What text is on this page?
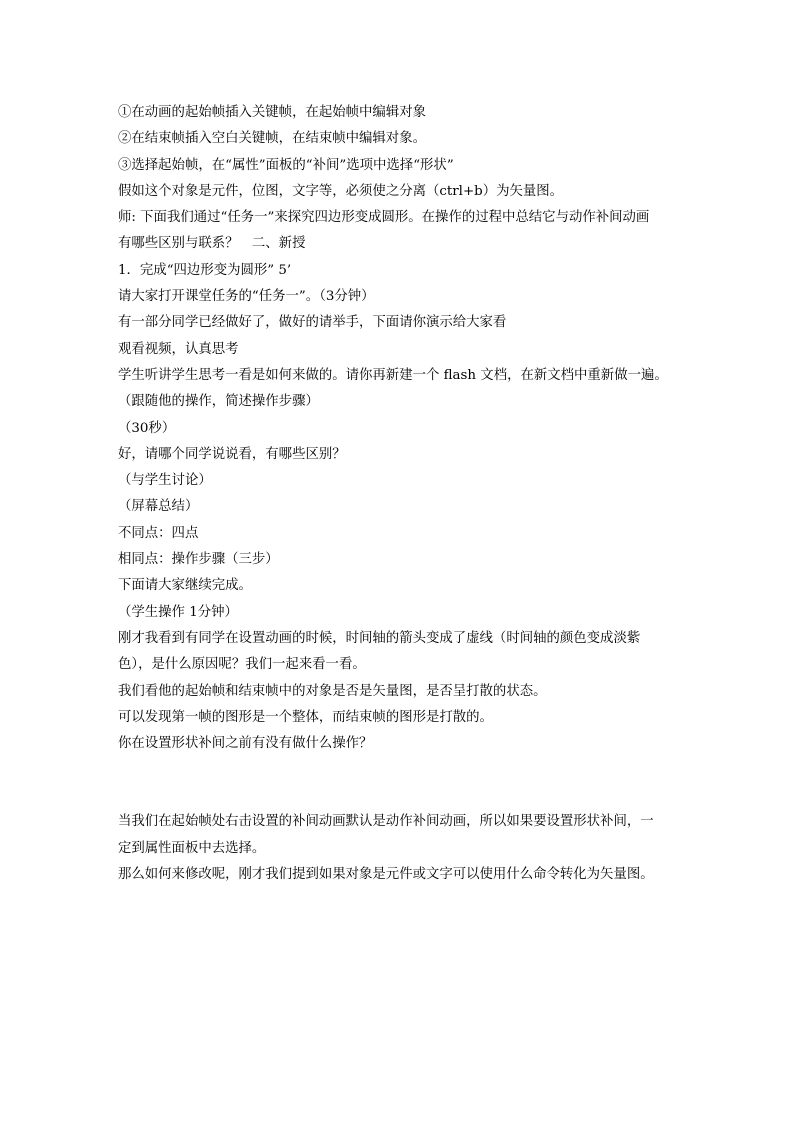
①在动画的起始帧插入关键帧，在起始帧中编辑对象
②在结束帧插入空白关键帧，在结束帧中编辑对象。
③选择起始帧，在“属性”面板的“补间”选项中选择“形状”
假如这个对象是元件，位图，文字等，必须使之分离（ctrl+b）为矢量图。
师: 下面我们通过“任务一”来探究四边形变成圆形。在操作的过程中总结它与动作补间动画
有哪些区别与联系？　二、新授
1．完成“四边形变为圆形” 5’
请大家打开课堂任务的“任务一”。（3分钟）
有一部分同学已经做好了，做好的请举手，下面请你演示给大家看
观看视频，认真思考
学生听讲学生思考一看是如何来做的。请你再新建一个 flash 文档，在新文档中重新做一遍。
（跟随他的操作，简述操作步骤）
（30秒）
好，请哪个同学说说看，有哪些区别？
（与学生讨论）
（屏幕总结）
不同点：四点
相同点：操作步骤（三步）
下面请大家继续完成。
（学生操作 1分钟）
刚才我看到有同学在设置动画的时候，时间轴的箭头变成了虚线（时间轴的颜色变成淡紫
色），是什么原因呢？我们一起来看一看。
我们看他的起始帧和结束帧中的对象是否是矢量图，是否呈打散的状态。
可以发现第一帧的图形是一个整体，而结束帧的图形是打散的。
你在设置形状补间之前有没有做什么操作？
当我们在起始帧处右击设置的补间动画默认是动作补间动画，所以如果要设置形状补间，一
定到属性面板中去选择。
那么如何来修改呢，刚才我们提到如果对象是元件或文字可以使用什么命令转化为矢量图。
